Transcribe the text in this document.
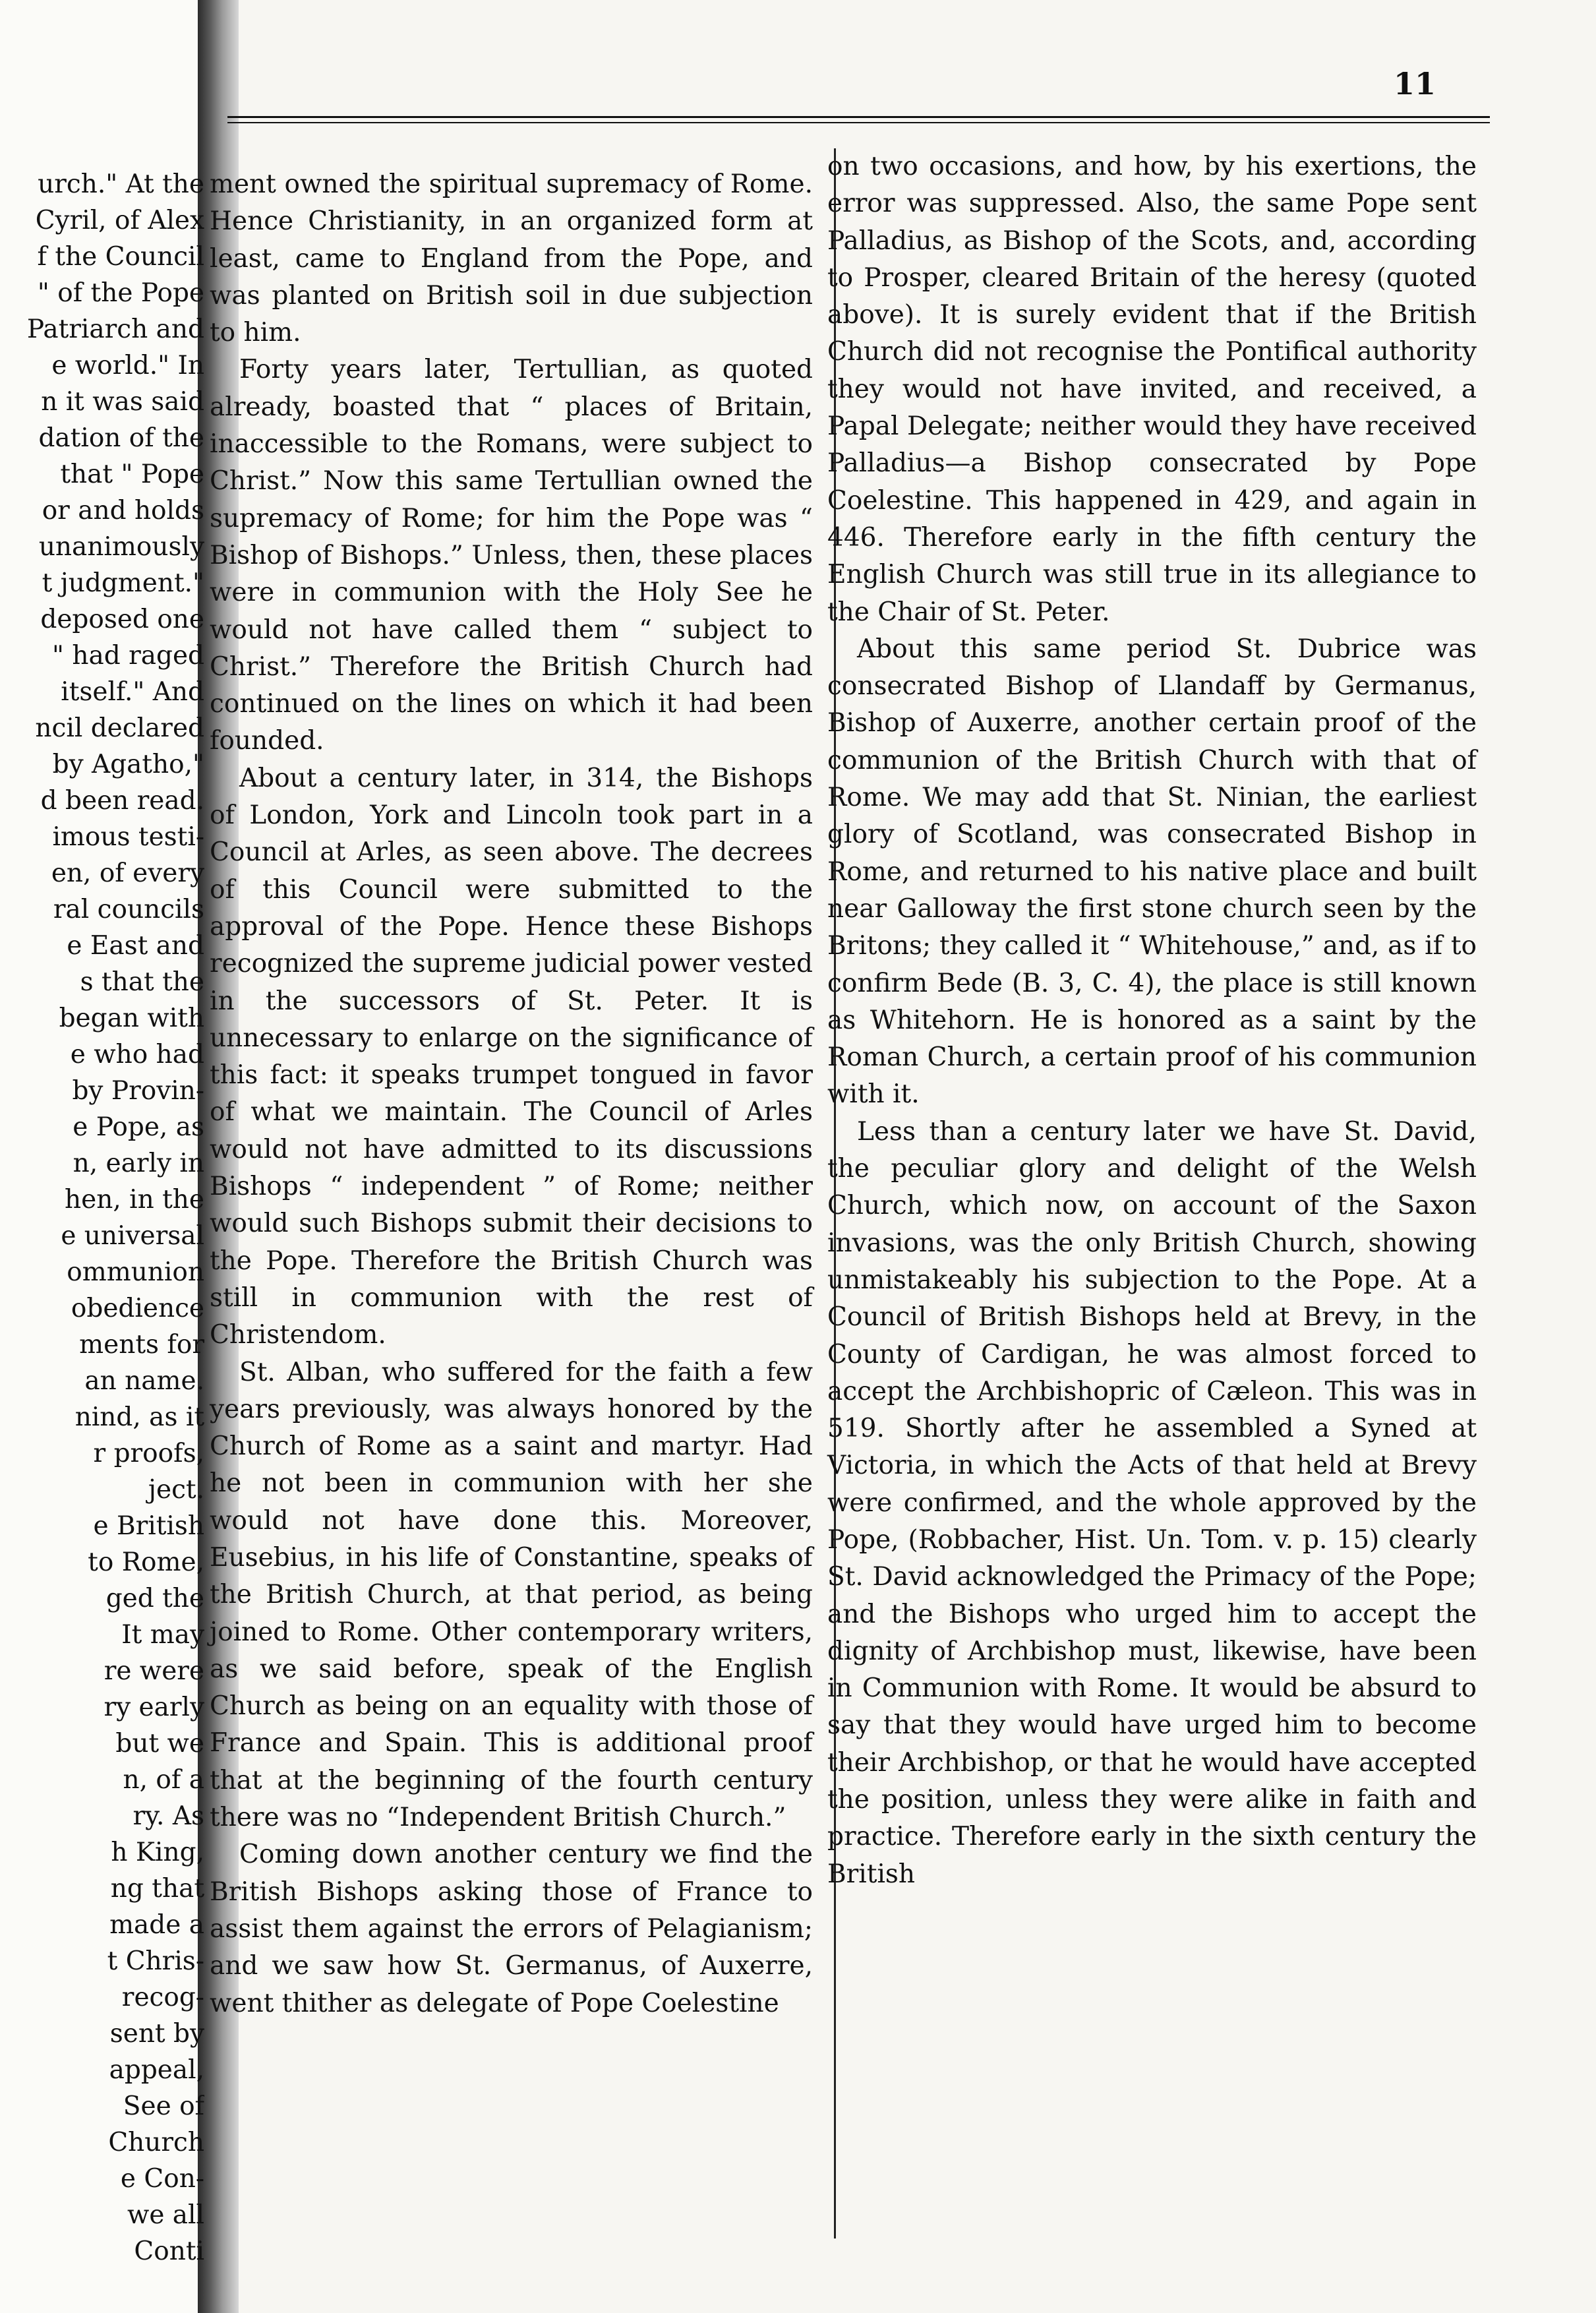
11
urch." At the
Cyril, of Alex
f the Council
" of the Pope
Patriarch and
e world." In
n it was said
dation of the
that " Pope
or and holds
unanimously
t judgment."
deposed one
" had raged
itself." And
ncil declared
by Agatho,"
d been read.
imous testi-
en, of every
ral councils
e East and
s that the
began with
e who had
by Provin-
e Pope, as
n, early in
hen, in the
e universal
ommunion
obedience
ments for
an name.
nind, as it
r proofs,
ject.
e British
to Rome,
ged the
It may
re were
ry early
but we
n, of a
ry. As
h King,
ng that
made a
t Chris-
recog-
sent by
appeal,
See of
Church
e Con-
we all
Conti

ment owned the spiritual supremacy of Rome. Hence Christianity, in an organized form at least, came to England from the Pope, and was planted on British soil in due subjection to him.

Forty years later, Tertullian, as quoted already, boasted that “ places of Britain, inaccessible to the Romans, were subject to Christ.” Now this same Tertullian owned the supremacy of Rome; for him the Pope was “ Bishop of Bishops.” Unless, then, these places were in communion with the Holy See he would not have called them “ subject to Christ.” Therefore the British Church had continued on the lines on which it had been founded.

About a century later, in 314, the Bishops of London, York and Lincoln took part in a Council at Arles, as seen above. The decrees of this Council were submitted to the approval of the Pope. Hence these Bishops recognized the supreme judicial power vested in the successors of St. Peter. It is unnecessary to enlarge on the significance of this fact: it speaks trumpet tongued in favor of what we maintain. The Council of Arles would not have admitted to its discussions Bishops “ independent ” of Rome; neither would such Bishops submit their decisions to the Pope. Therefore the British Church was still in communion with the rest of Christendom.

St. Alban, who suffered for the faith a few years previously, was always honored by the Church of Rome as a saint and martyr. Had he not been in communion with her she would not have done this. Moreover, Eusebius, in his life of Constantine, speaks of the British Church, at that period, as being joined to Rome. Other contemporary writers, as we said before, speak of the English Church as being on an equality with those of France and Spain. This is additional proof that at the beginning of the fourth century there was no “Independent British Church.”

Coming down another century we find the British Bishops asking those of France to assist them against the errors of Pelagianism; and we saw how St. Germanus, of Auxerre, went thither as delegate of Pope Coelestine

on two occasions, and how, by his exertions, the error was suppressed. Also, the same Pope sent Palladius, as Bishop of the Scots, and, according to Prosper, cleared Britain of the heresy (quoted above). It is surely evident that if the British Church did not recognise the Pontifical authority they would not have invited, and received, a Papal Delegate; neither would they have received Palladius—a Bishop consecrated by Pope Coelestine. This happened in 429, and again in 446. Therefore early in the fifth century the English Church was still true in its allegiance to the Chair of St. Peter.

About this same period St. Dubrice was consecrated Bishop of Llandaff by Germanus, Bishop of Auxerre, another certain proof of the communion of the British Church with that of Rome. We may add that St. Ninian, the earliest glory of Scotland, was consecrated Bishop in Rome, and returned to his native place and built near Galloway the first stone church seen by the Britons; they called it “ Whitehouse,” and, as if to confirm Bede (B. 3, C. 4), the place is still known as Whitehorn. He is honored as a saint by the Roman Church, a certain proof of his communion with it.

Less than a century later we have St. David, the peculiar glory and delight of the Welsh Church, which now, on account of the Saxon invasions, was the only British Church, showing unmistakeably his subjection to the Pope. At a Council of British Bishops held at Brevy, in the County of Cardigan, he was almost forced to accept the Archbishopric of Cæleon. This was in 519. Shortly after he assembled a Syned at Victoria, in which the Acts of that held at Brevy were confirmed, and the whole approved by the Pope, (Robbacher, Hist. Un. Tom. v. p. 15) clearly St. David acknowledged the Primacy of the Pope; and the Bishops who urged him to accept the dignity of Archbishop must, likewise, have been in Communion with Rome. It would be absurd to say that they would have urged him to become their Archbishop, or that he would have accepted the position, unless they were alike in faith and practice. Therefore early in the sixth century the British
